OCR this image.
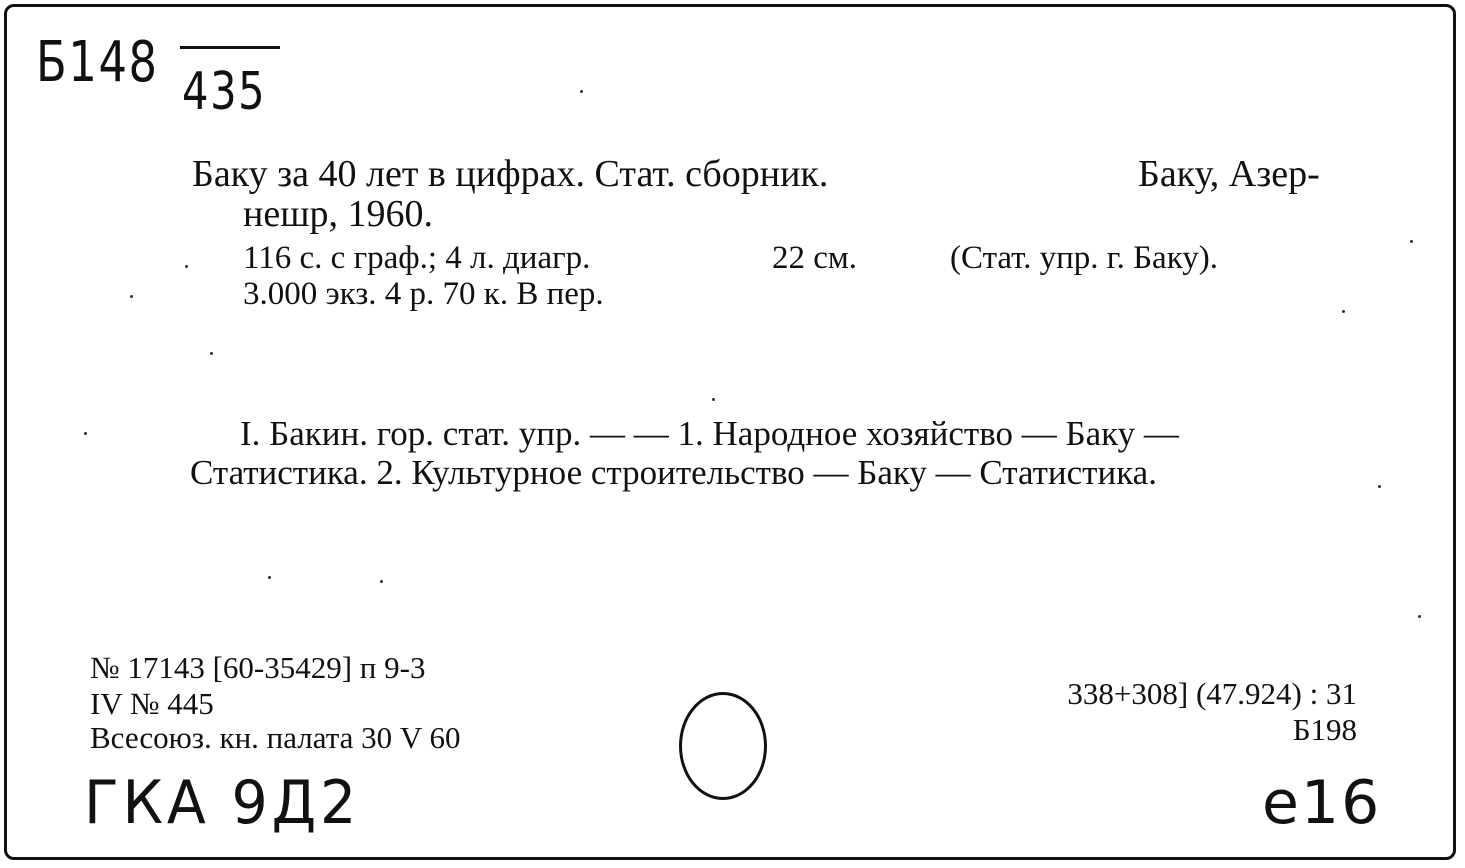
Б148 435
Баку за 40 лет в цифрах. Стат. сборник.	Баку, Азер-
нешр, 1960.
116 с. с граф.; 4 л. диагр.	22 см.	(Стат. упр. г. Баку).
3.000 экз. 4 р. 70 к. В пер.
I. Бакин. гор. стат. упр. — — 1. Народное хозяйство — Баку —
Статистика. 2. Культурное строительство — Баку — Статистика.
№ 17143 [60-35429] п 9-3
IV № 445
Всесоюз. кн. палата 30 V 60
338+308] (47.924) : 31
Б198
ГКА 9Д2	е16
